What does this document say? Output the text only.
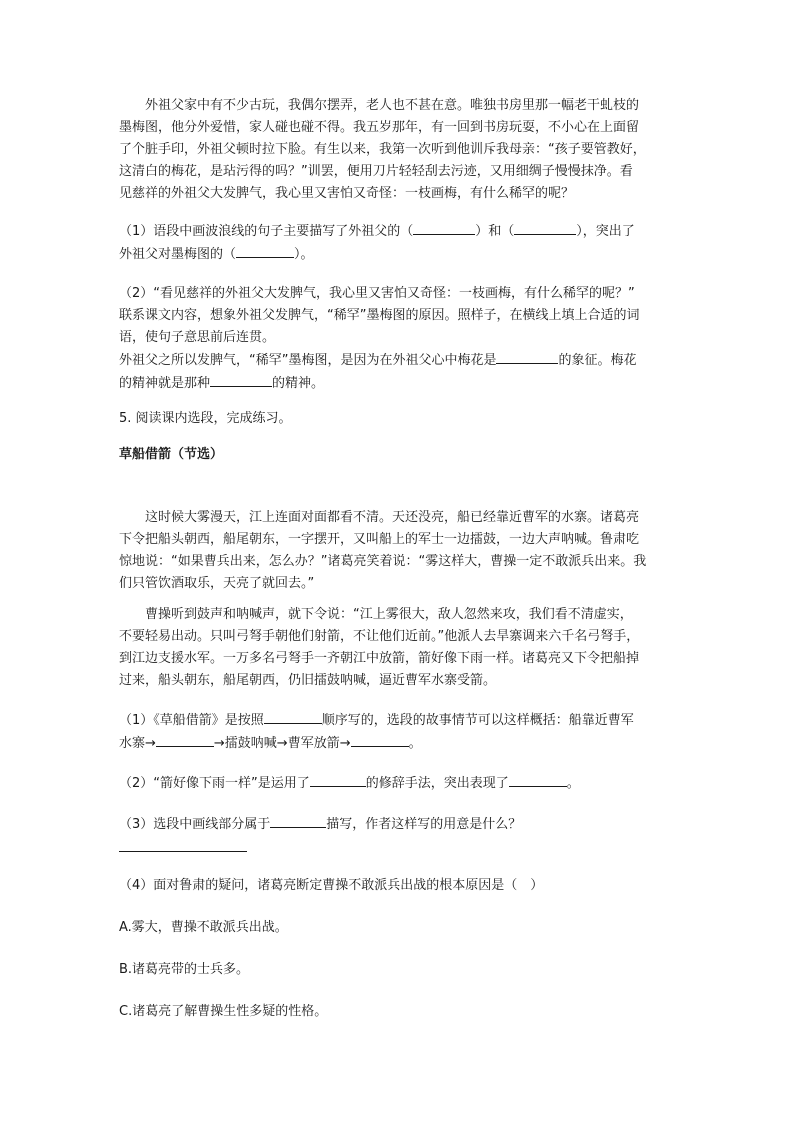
外祖父家中有不少古玩，我偶尔摆弄，老人也不甚在意。唯独书房里那一幅老干虬枝的
墨梅图，他分外爱惜，家人碰也碰不得。我五岁那年，有一回到书房玩耍，不小心在上面留
了个脏手印，外祖父顿时拉下脸。有生以来，我第一次听到他训斥我母亲：“孩子要管教好，
这清白的梅花，是玷污得的吗？”训罢，便用刀片轻轻刮去污迹，又用细绸子慢慢抹净。看
见慈祥的外祖父大发脾气，我心里又害怕又奇怪：一枝画梅，有什么稀罕的呢？
（1）语段中画波浪线的句子主要描写了外祖父的（	）和（	），突出了
外祖父对墨梅图的（	）。
（2）“看见慈祥的外祖父大发脾气，我心里又害怕又奇怪：一枝画梅，有什么稀罕的呢？”
联系课文内容，想象外祖父发脾气，“稀罕”墨梅图的原因。照样子，在横线上填上合适的词
语，使句子意思前后连贯。
外祖父之所以发脾气，“稀罕”墨梅图，是因为在外祖父心中梅花是	的象征。梅花
的精神就是那种	的精神。
5. 阅读课内选段，完成练习。
草船借箭（节选）
这时候大雾漫天，江上连面对面都看不清。天还没亮，船已经靠近曹军的水寨。诸葛亮
下令把船头朝西，船尾朝东，一字摆开，又叫船上的军士一边擂鼓，一边大声呐喊。鲁肃吃
惊地说：“如果曹兵出来，怎么办？”诸葛亮笑着说：“雾这样大，曹操一定不敢派兵出来。我
们只管饮酒取乐，天亮了就回去。”
曹操听到鼓声和呐喊声，就下令说：“江上雾很大，敌人忽然来攻，我们看不清虚实，
不要轻易出动。只叫弓弩手朝他们射箭，不让他们近前。”他派人去旱寨调来六千名弓弩手，
到江边支援水军。一万多名弓弩手一齐朝江中放箭，箭好像下雨一样。诸葛亮又下令把船掉
过来，船头朝东，船尾朝西，仍旧擂鼓呐喊，逼近曹军水寨受箭。
（1）《草船借箭》是按照	顺序写的，选段的故事情节可以这样概括：船靠近曹军
水寨→	→擂鼓呐喊→曹军放箭→	。
（2）“箭好像下雨一样”是运用了	的修辞手法，突出表现了	。
（3）选段中画线部分属于	描写，作者这样写的用意是什么？
（4）面对鲁肃的疑问，诸葛亮断定曹操不敢派兵出战的根本原因是（　）
A.雾大，曹操不敢派兵出战。
B.诸葛亮带的士兵多。
C.诸葛亮了解曹操生性多疑的性格。
